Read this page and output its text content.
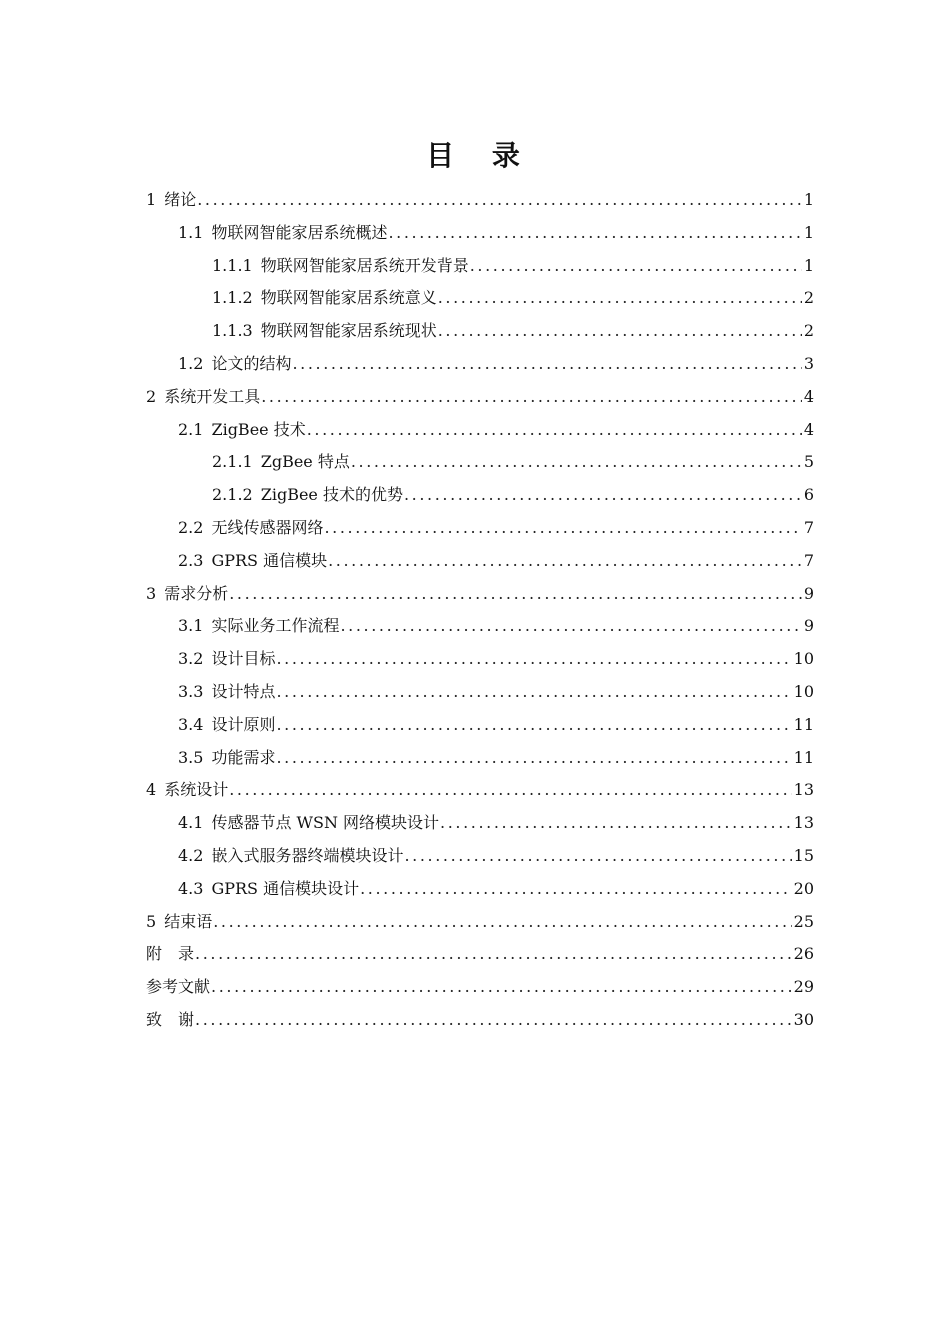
目 录
1 绪论 .....	1
1.1 物联网智能家居系统概述 .....	1
1.1.1 物联网智能家居系统开发背景 .....	1
1.1.2 物联网智能家居系统意义 .....	2
1.1.3 物联网智能家居系统现状 .....	2
1.2 论文的结构 .....	3
2 系统开发工具 .....	4
2.1 ZigBee 技术 .....	4
2.1.1 ZgBee 特点 .....	5
2.1.2 ZigBee 技术的优势 .....	6
2.2 无线传感器网络 .....	7
2.3 GPRS 通信模块 .....	7
3 需求分析 .....	9
3.1 实际业务工作流程 .....	9
3.2 设计目标 .....	10
3.3 设计特点 .....	10
3.4 设计原则 .....	11
3.5 功能需求 .....	11
4 系统设计 .....	13
4.1 传感器节点 WSN 网络模块设计 .....	13
4.2 嵌入式服务器终端模块设计 .....	15
4.3 GPRS 通信模块设计 .....	20
5 结束语 .....	25
附　录 .....	26
参考文献 .....	29
致　谢 .....	30
